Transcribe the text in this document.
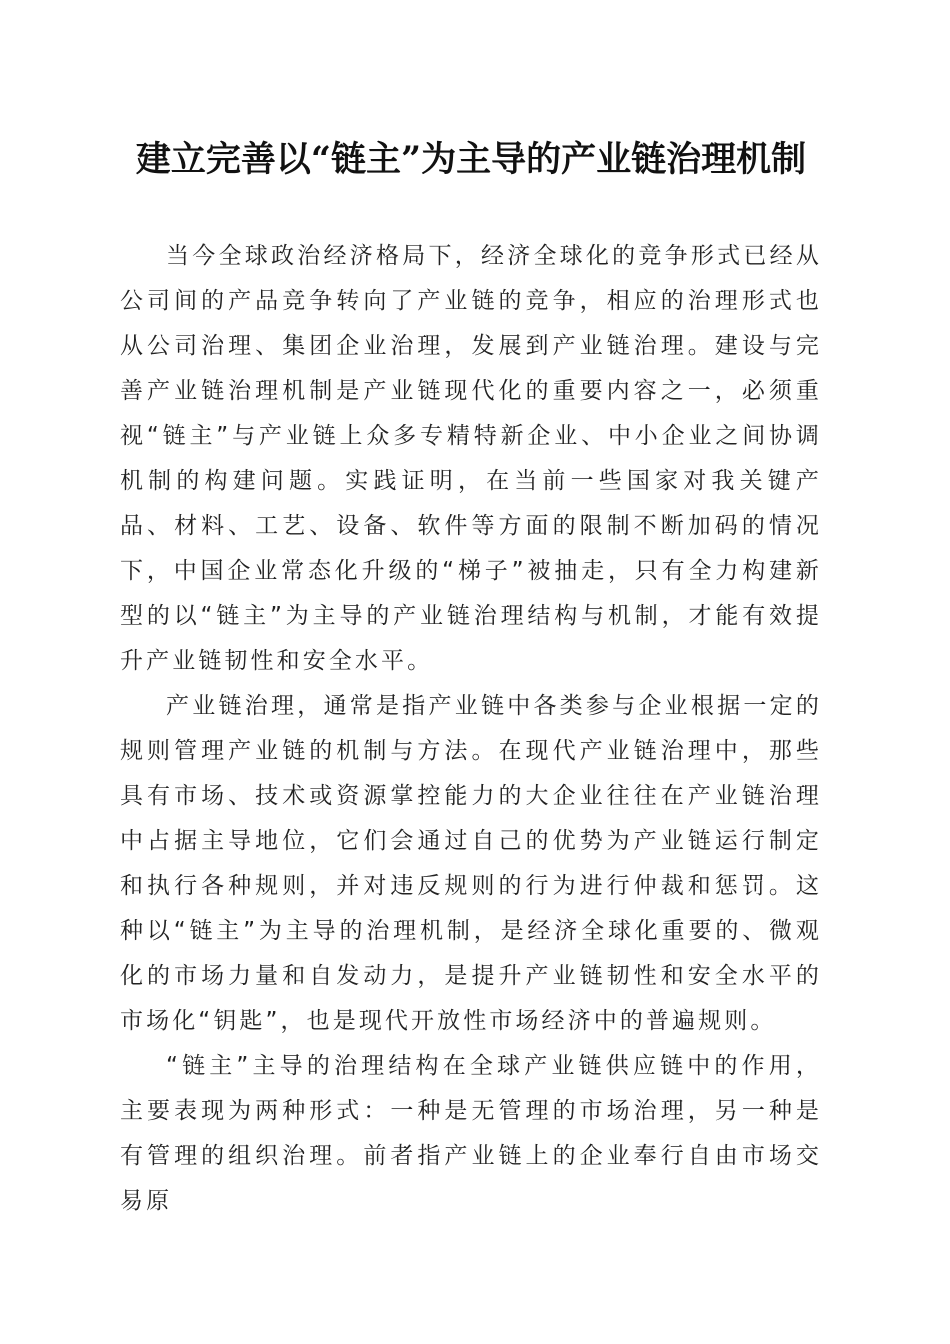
建立完善以“链主”为主导的产业链治理机制

当今全球政治经济格局下，经济全球化的竞争形式已经从公司间的产品竞争转向了产业链的竞争，相应的治理形式也从公司治理、集团企业治理，发展到产业链治理。建设与完善产业链治理机制是产业链现代化的重要内容之一，必须重视“链主”与产业链上众多专精特新企业、中小企业之间协调机制的构建问题。实践证明，在当前一些国家对我关键产品、材料、工艺、设备、软件等方面的限制不断加码的情况下，中国企业常态化升级的“梯子”被抽走，只有全力构建新型的以“链主”为主导的产业链治理结构与机制，才能有效提升产业链韧性和安全水平。

产业链治理，通常是指产业链中各类参与企业根据一定的规则管理产业链的机制与方法。在现代产业链治理中，那些具有市场、技术或资源掌控能力的大企业往往在产业链治理中占据主导地位，它们会通过自己的优势为产业链运行制定和执行各种规则，并对违反规则的行为进行仲裁和惩罚。这种以“链主”为主导的治理机制，是经济全球化重要的、微观化的市场力量和自发动力，是提升产业链韧性和安全水平的市场化“钥匙”，也是现代开放性市场经济中的普遍规则。

“链主”主导的治理结构在全球产业链供应链中的作用，主要表现为两种形式：一种是无管理的市场治理，另一种是有管理的组织治理。前者指产业链上的企业奉行自由市场交易原
